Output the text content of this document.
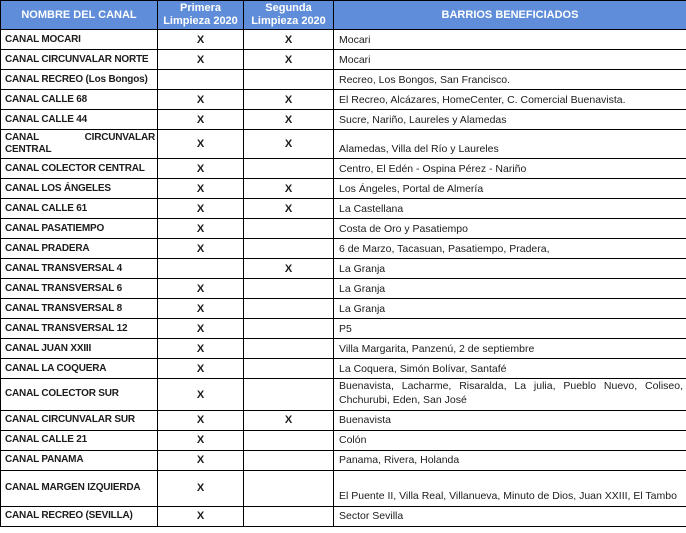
NOMBRE DEL CANAL	Primera Limpieza 2020	Segunda Limpieza 2020	BARRIOS BENEFICIADOS
CANAL MOCARI	X	X	Mocari
CANAL CIRCUNVALAR NORTE	X	X	Mocari
CANAL RECREO (Los Bongos)			Recreo, Los Bongos, San Francisco.
CANAL CALLE 68	X	X	El Recreo, Alcázares, HomeCenter, C. Comercial Buenavista.
CANAL CALLE 44	X	X	Sucre, Nariño, Laureles y Alamedas
CANAL CIRCUNVALAR CENTRAL	X	X	Alamedas, Villa del Río y Laureles
CANAL COLECTOR CENTRAL	X		Centro, El Edén - Ospina Pérez - Nariño
CANAL LOS ÁNGELES	X	X	Los Ángeles, Portal de Almería
CANAL CALLE 61	X	X	La Castellana
CANAL PASATIEMPO	X		Costa de Oro y Pasatiempo
CANAL PRADERA	X		6 de Marzo, Tacasuan, Pasatiempo, Pradera,
CANAL TRANSVERSAL 4		X	La Granja
CANAL TRANSVERSAL 6	X		La Granja
CANAL TRANSVERSAL 8	X		La Granja
CANAL TRANSVERSAL 12	X		P5
CANAL JUAN XXIII	X		Villa Margarita, Panzenú, 2 de septiembre
CANAL LA COQUERA	X		La Coquera, Simón Bolívar, Santafé
CANAL COLECTOR SUR	X		Buenavista, Lacharme, Risaralda, La julia, Pueblo Nuevo, Coliseo, Chchurubi, Eden, San José
CANAL CIRCUNVALAR SUR	X	X	Buenavista
CANAL CALLE 21	X		Colón
CANAL PANAMA	X		Panama, Rivera, Holanda
CANAL MARGEN IZQUIERDA	X		El Puente II, Villa Real, Villanueva, Minuto de Dios, Juan XXIII, El Tambo
CANAL RECREO (SEVILLA)	X		Sector Sevilla
